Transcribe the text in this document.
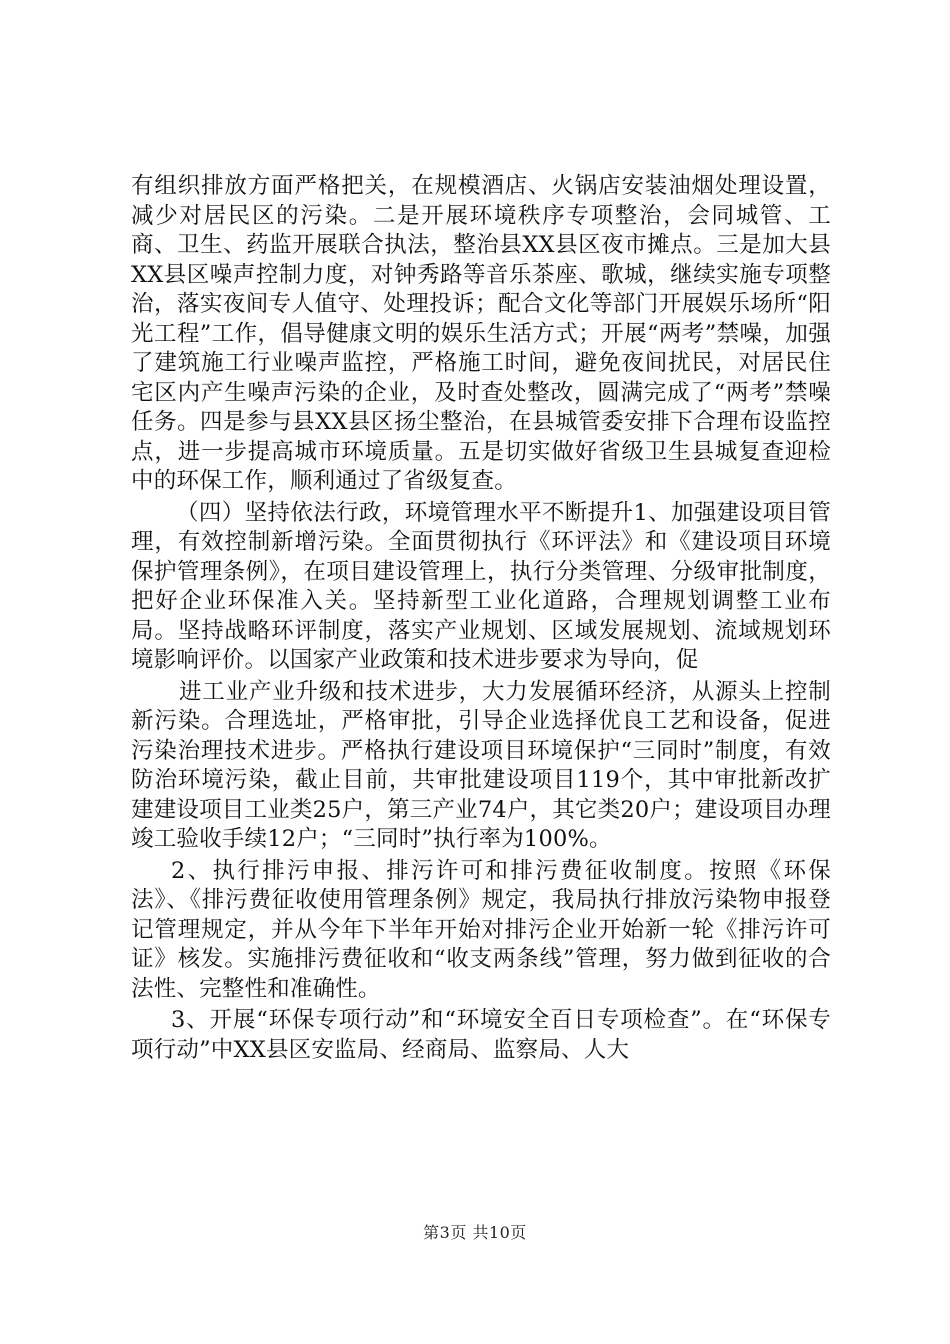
有组织排放方面严格把关，在规模酒店、火锅店安装油烟处理设置，减少对居民区的污染。二是开展环境秩序专项整治，会同城管、工商、卫生、药监开展联合执法，整治县XX县区夜市摊点。三是加大县XX县区噪声控制力度，对钟秀路等音乐茶座、歌城，继续实施专项整治，落实夜间专人值守、处理投诉；配合文化等部门开展娱乐场所“阳光工程”工作，倡导健康文明的娱乐生活方式；开展“两考”禁噪，加强了建筑施工行业噪声监控，严格施工时间，避免夜间扰民，对居民住宅区内产生噪声污染的企业，及时查处整改，圆满完成了“两考”禁噪任务。四是参与县XX县区扬尘整治，在县城管委安排下合理布设监控点，进一步提高城市环境质量。五是切实做好省级卫生县城复查迎检中的环保工作，顺利通过了省级复查。

（四）坚持依法行政，环境管理水平不断提升1、加强建设项目管理，有效控制新增污染。全面贯彻执行《环评法》和《建设项目环境保护管理条例》，在项目建设管理上，执行分类管理、分级审批制度，把好企业环保准入关。坚持新型工业化道路，合理规划调整工业布局。坚持战略环评制度，落实产业规划、区域发展规划、流域规划环境影响评价。以国家产业政策和技术进步要求为导向，促

进工业产业升级和技术进步，大力发展循环经济，从源头上控制新污染。合理选址，严格审批，引导企业选择优良工艺和设备，促进污染治理技术进步。严格执行建设项目环境保护“三同时”制度，有效防治环境污染，截止目前，共审批建设项目119个，其中审批新改扩建建设项目工业类25户，第三产业74户，其它类20户；建设项目办理竣工验收手续12户；“三同时”执行率为100%。

2、执行排污申报、排污许可和排污费征收制度。按照《环保法》、《排污费征收使用管理条例》规定，我局执行排放污染物申报登记管理规定，并从今年下半年开始对排污企业开始新一轮《排污许可证》核发。实施排污费征收和“收支两条线”管理，努力做到征收的合法性、完整性和准确性。

3、开展“环保专项行动”和“环境安全百日专项检查”。在“环保专项行动”中XX县区安监局、经商局、监察局、人大

第3页 共10页
